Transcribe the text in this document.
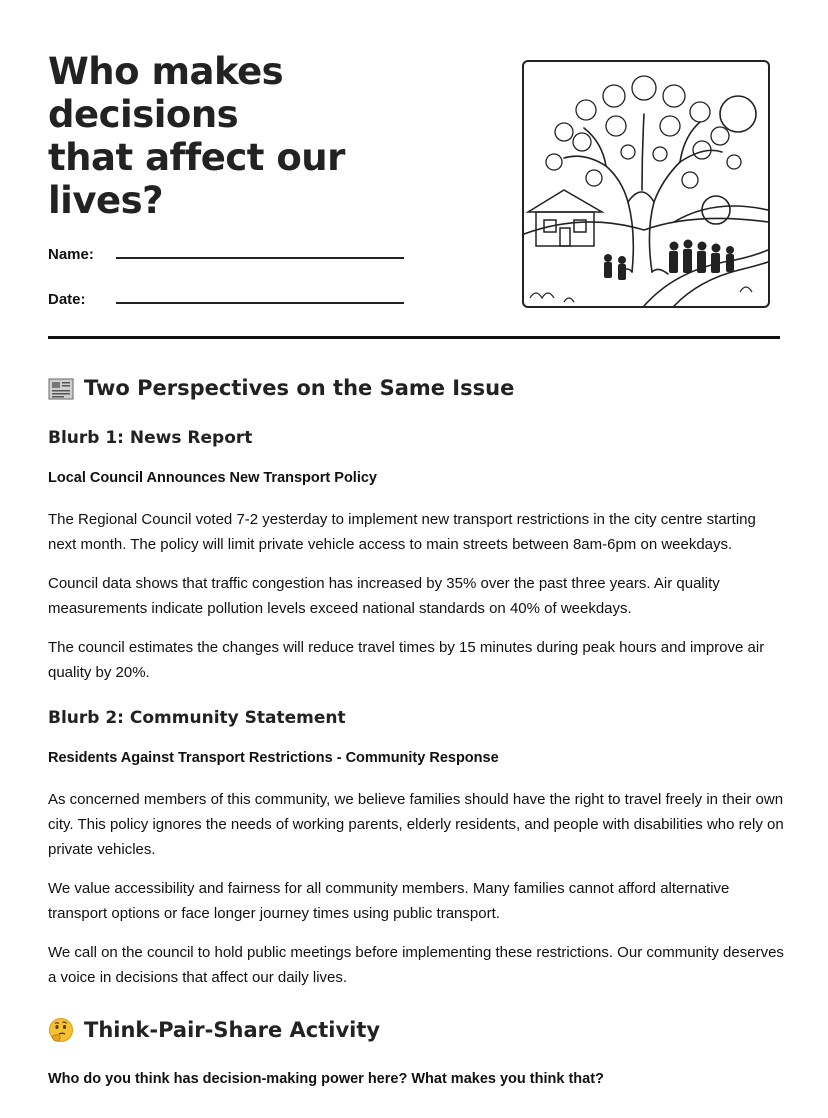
Who makes decisions
that affect our lives?
Name:
Date:
Two Perspectives on the Same Issue
Blurb 1: News Report

Local Council Announces New Transport Policy

The Regional Council voted 7-2 yesterday to implement new transport restrictions in the city centre starting next month. The policy will limit private vehicle access to main streets between 8am-6pm on weekdays.

Council data shows that traffic congestion has increased by 35% over the past three years. Air quality measurements indicate pollution levels exceed national standards on 40% of weekdays.

The council estimates the changes will reduce travel times by 15 minutes during peak hours and improve air quality by 20%.

Blurb 2: Community Statement

Residents Against Transport Restrictions - Community Response

As concerned members of this community, we believe families should have the right to travel freely in their own city. This policy ignores the needs of working parents, elderly residents, and people with disabilities who rely on private vehicles.

We value accessibility and fairness for all community members. Many families cannot afford alternative transport options or face longer journey times using public transport.

We call on the council to hold public meetings before implementing these restrictions. Our community deserves a voice in decisions that affect our daily lives.

Think-Pair-Share Activity

Who do you think has decision-making power here? What makes you think that?
